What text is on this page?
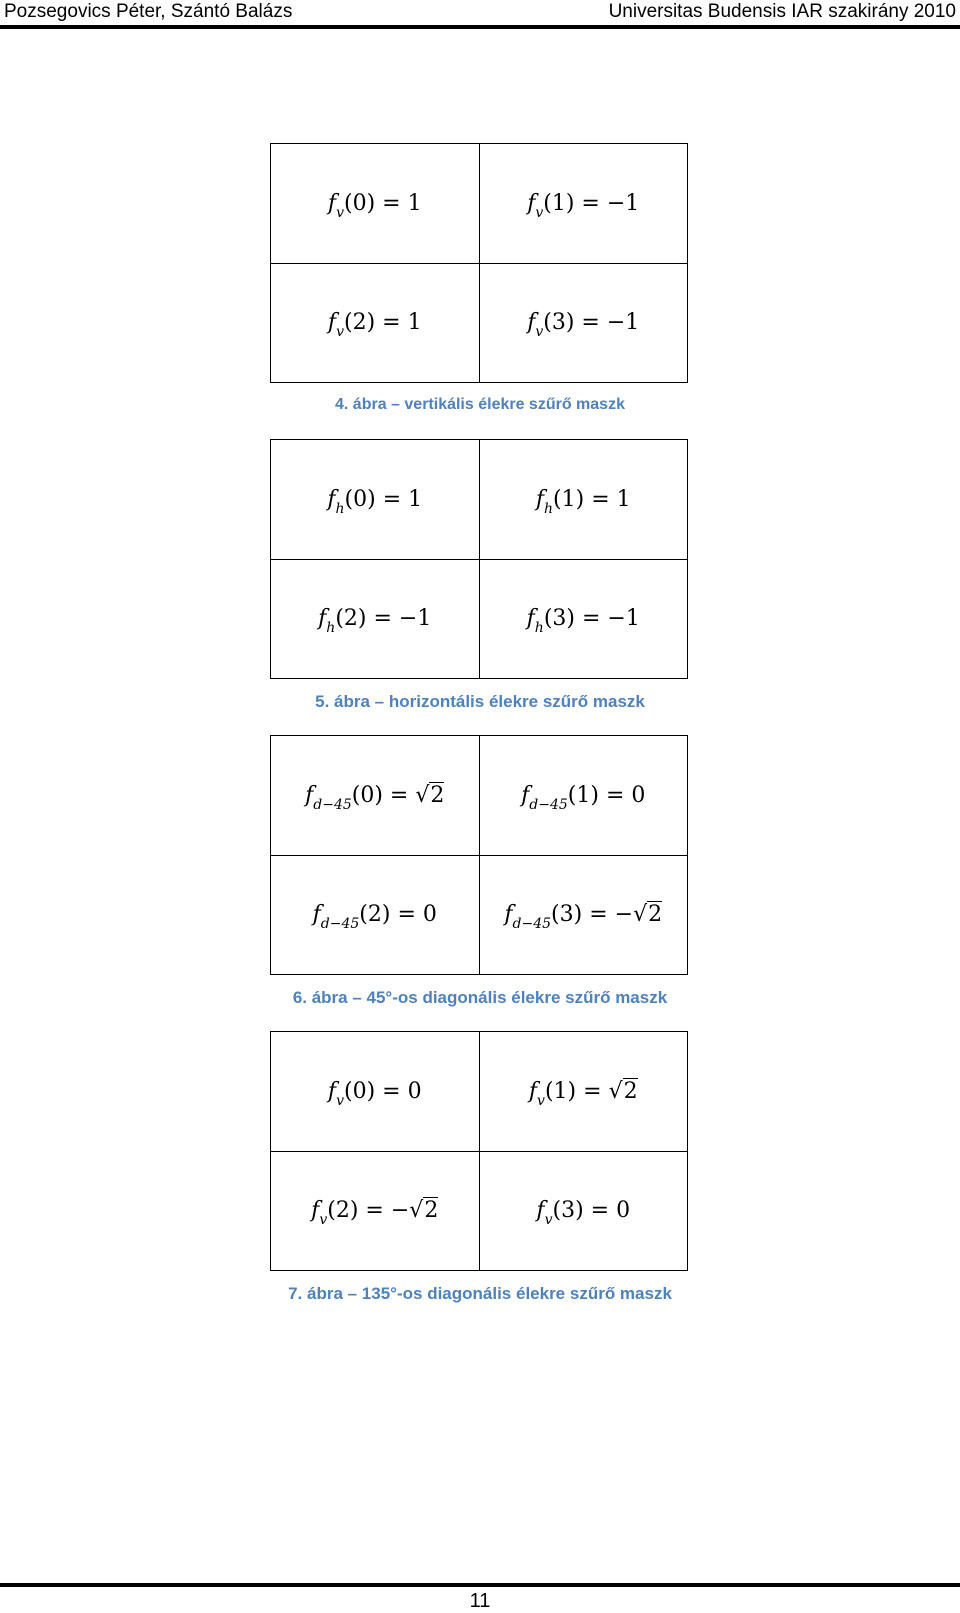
Pozsegovics Péter, Szántó Balázs	Universitas Budensis IAR szakirány 2010
$f_v(0) = 1$	$f_v(1) = -1$
$f_v(2) = 1$	$f_v(3) = -1$
4. ábra – vertikális élekre szűrő maszk
$f_h(0) = 1$	$f_h(1) = 1$
$f_h(2) = -1$	$f_h(3) = -1$
5. ábra – horizontális élekre szűrő maszk
$f_{d-45}(0) = √2$	$f_{d-45}(1) = 0$
$f_{d-45}(2) = 0$	$f_{d-45}(3) = -√2$
6. ábra – 45°-os diagonális élekre szűrő maszk
$f_v(0) = 0$	$f_v(1) = √2$
$f_v(2) = -√2$	$f_v(3) = 0$
7. ábra – 135°-os diagonális élekre szűrő maszk
11
